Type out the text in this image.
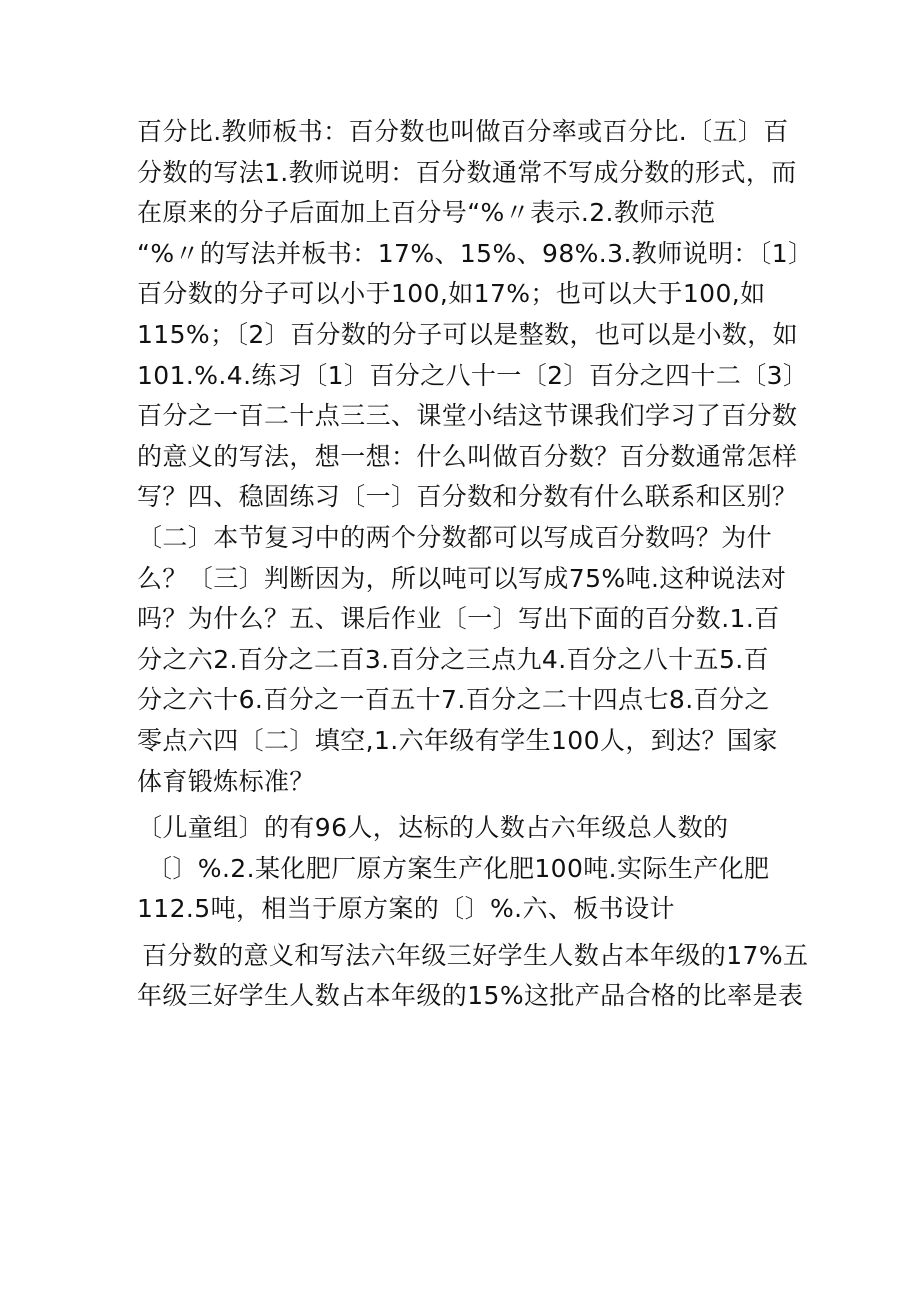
百分比.教师板书：百分数也叫做百分率或百分比.〔五〕百
分数的写法1.教师说明：百分数通常不写成分数的形式，而
在原来的分子后面加上百分号“%〃表示.2.教师示范
“%〃的写法并板书：17%、15%、98%.3.教师说明：〔1〕
百分数的分子可以小于100,如17%；也可以大于100,如
115%；〔2〕百分数的分子可以是整数，也可以是小数，如
101.%.4.练习〔1〕百分之八十一〔2〕百分之四十二〔3〕
百分之一百二十点三三、课堂小结这节课我们学习了百分数
的意义的写法，想一想：什么叫做百分数？百分数通常怎样
写？四、稳固练习〔一〕百分数和分数有什么联系和区别？
〔二〕本节复习中的两个分数都可以写成百分数吗？为什
么？〔三〕判断因为，所以吨可以写成75%吨.这种说法对
吗？为什么？五、课后作业〔一〕写出下面的百分数.1.百
分之六2.百分之二百3.百分之三点九4.百分之八十五5.百
分之六十6.百分之一百五十7.百分之二十四点七8.百分之
零点六四〔二〕填空,1.六年级有学生100人，到达？国家
体育锻炼标准？
〔儿童组〕的有96人，达标的人数占六年级总人数的
〔〕%.2.某化肥厂原方案生产化肥100吨.实际生产化肥
112.5吨，相当于原方案的〔〕%.六、板书设计
百分数的意义和写法六年级三好学生人数占本年级的17%五
年级三好学生人数占本年级的15%这批产品合格的比率是表
